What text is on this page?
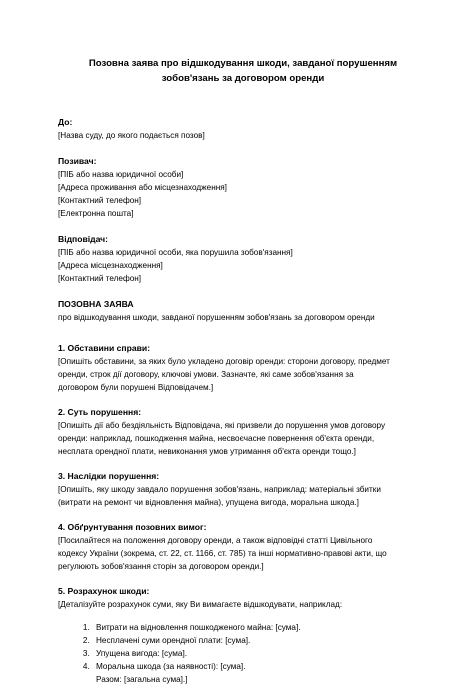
Позовна заява про відшкодування шкоди, завданої порушенням
зобов'язань за договором оренди
До:
[Назва суду, до якого подається позов]
Позивач:
[ПІБ або назва юридичної особи]
[Адреса проживання або місцезнаходження]
[Контактний телефон]
[Електронна пошта]
Відповідач:
[ПІБ або назва юридичної особи, яка порушила зобов'язання]
[Адреса місцезнаходження]
[Контактний телефон]
ПОЗОВНА ЗАЯВА
про відшкодування шкоди, завданої порушенням зобов'язань за договором оренди
1. Обставини справи:
[Опишіть обставини, за яких було укладено договір оренди: сторони договору, предмет
оренди, строк дії договору, ключові умови. Зазначте, які саме зобов'язання за
договором були порушені Відповідачем.]
2. Суть порушення:
[Опишіть дії або бездіяльність Відповідача, які призвели до порушення умов договору
оренди: наприклад, пошкодження майна, несвоєчасне повернення об'єкта оренди,
несплата орендної плати, невиконання умов утримання об'єкта оренди тощо.]
3. Наслідки порушення:
[Опишіть, яку шкоду завдало порушення зобов'язань, наприклад: матеріальні збитки
(витрати на ремонт чи відновлення майна), упущена вигода, моральна шкода.]
4. Обґрунтування позовних вимог:
[Посилайтеся на положення договору оренди, а також відповідні статті Цивільного
кодексу України (зокрема, ст. 22, ст. 1166, ст. 785) та інші нормативно-правові акти, що
регулюють зобов'язання сторін за договором оренди.]
5. Розрахунок шкоди:
[Деталізуйте розрахунок суми, яку Ви вимагаєте відшкодувати, наприклад:
1. Витрати на відновлення пошкодженого майна: [сума].
2. Несплачені суми орендної плати: [сума].
3. Упущена вигода: [сума].
4. Моральна шкода (за наявності): [сума].
Разом: [загальна сума].]
